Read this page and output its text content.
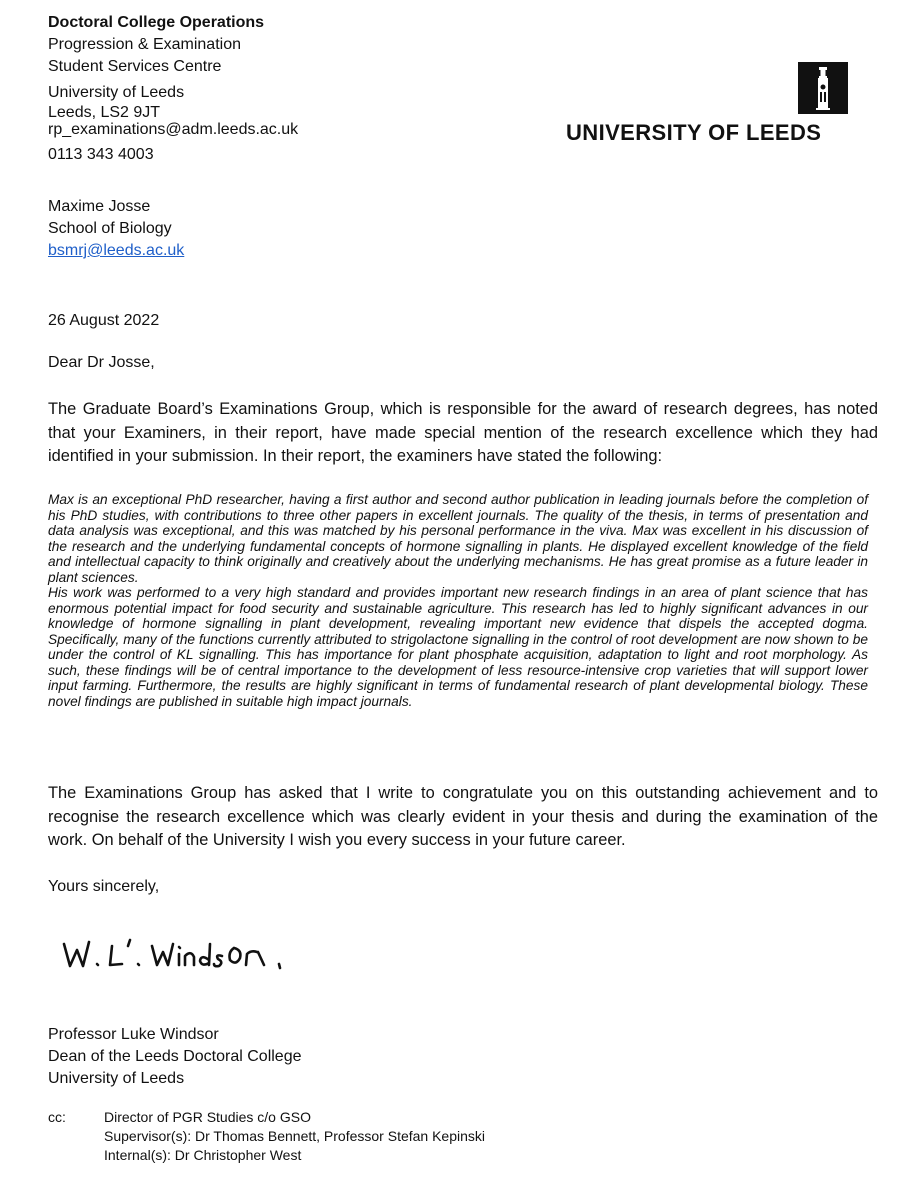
Doctoral College Operations
Progression & Examination
Student Services Centre
University of Leeds
Leeds, LS2 9JT
rp_examinations@adm.leeds.ac.uk
0113 343 4003
UNIVERSITY OF LEEDS
Maxime Josse
School of Biology
bsmrj@leeds.ac.uk
26 August 2022
Dear Dr Josse,
The Graduate Board’s Examinations Group, which is responsible for the award of research degrees, has noted that your Examiners, in their report, have made special mention of the research excellence which they had identified in your submission. In their report, the examiners have stated the following:

Max is an exceptional PhD researcher, having a first author and second author publication in leading journals before the completion of his PhD studies, with contributions to three other papers in excellent journals. The quality of the thesis, in terms of presentation and data analysis was exceptional, and this was matched by his personal performance in the viva. Max was excellent in his discussion of the research and the underlying fundamental concepts of hormone signalling in plants. He displayed excellent knowledge of the field and intellectual capacity to think originally and creatively about the underlying mechanisms. He has great promise as a future leader in plant sciences.

His work was performed to a very high standard and provides important new research findings in an area of plant science that has enormous potential impact for food security and sustainable agriculture. This research has led to highly significant advances in our knowledge of hormone signalling in plant development, revealing important new evidence that dispels the accepted dogma. Specifically, many of the functions currently attributed to strigolactone signalling in the control of root development are now shown to be under the control of KL signalling. This has importance for plant phosphate acquisition, adaptation to light and root morphology. As such, these findings will be of central importance to the development of less resource-intensive crop varieties that will support lower input farming. Furthermore, the results are highly significant in terms of fundamental research of plant developmental biology. These novel findings are published in suitable high impact journals.

The Examinations Group has asked that I write to congratulate you on this outstanding achievement and to recognise the research excellence which was clearly evident in your thesis and during the examination of the work. On behalf of the University I wish you every success in your future career.
Yours sincerely,
Professor Luke Windsor
Dean of the Leeds Doctoral College
University of Leeds
cc:	Director of PGR Studies c/o GSO
Supervisor(s): Dr Thomas Bennett, Professor Stefan Kepinski
Internal(s): Dr Christopher West
